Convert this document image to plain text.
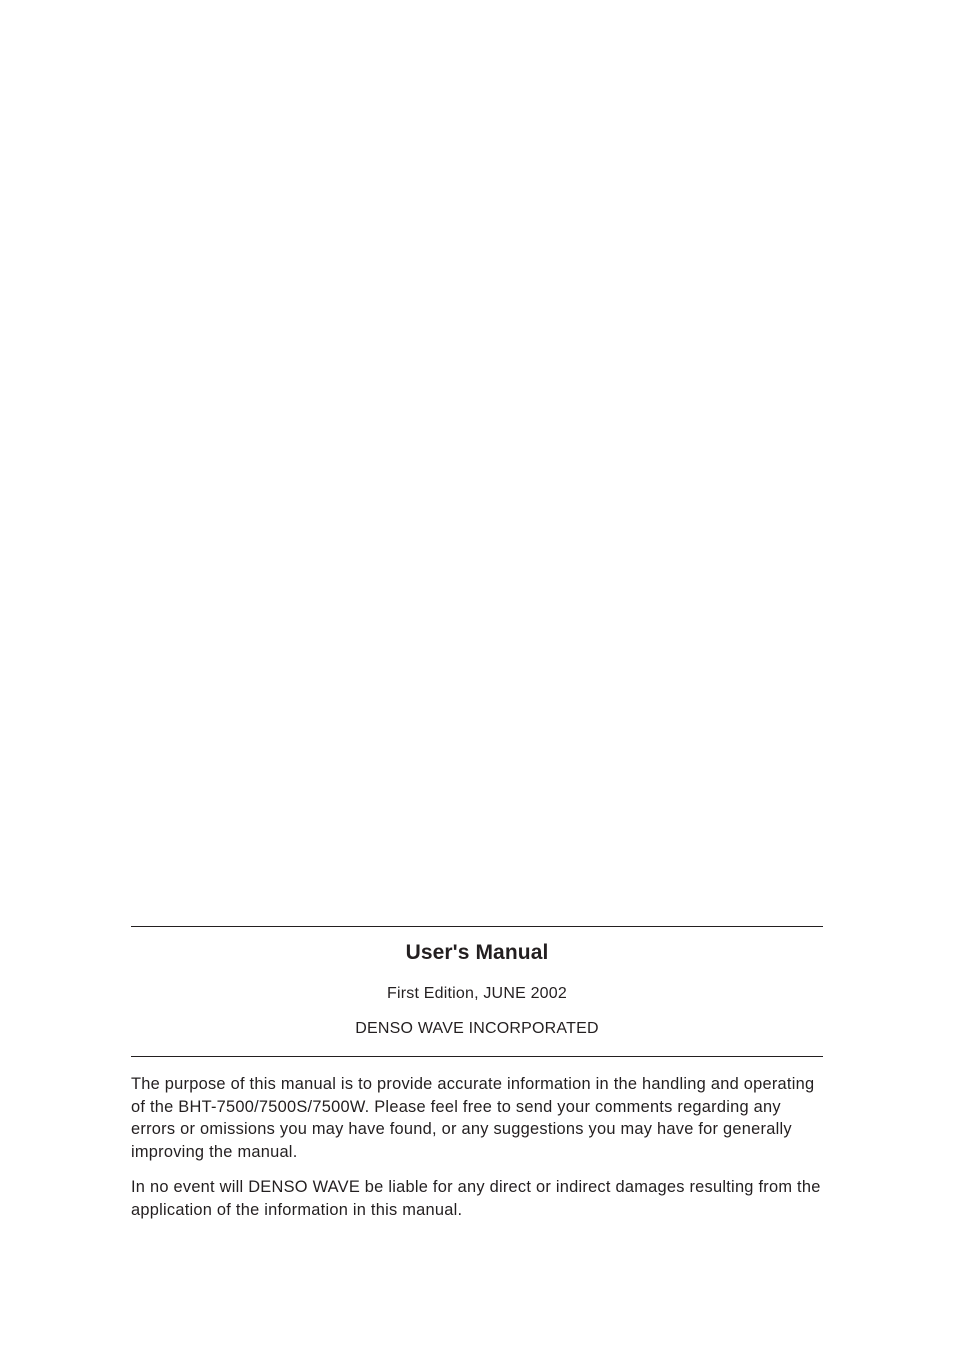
User's Manual

First Edition, JUNE 2002

DENSO WAVE INCORPORATED

The purpose of this manual is to provide accurate information in the handling and operating of the BHT-7500/7500S/7500W. Please feel free to send your comments regarding any errors or omissions you may have found, or any suggestions you may have for generally improving the manual.

In no event will DENSO WAVE be liable for any direct or indirect damages resulting from the application of the information in this manual.
